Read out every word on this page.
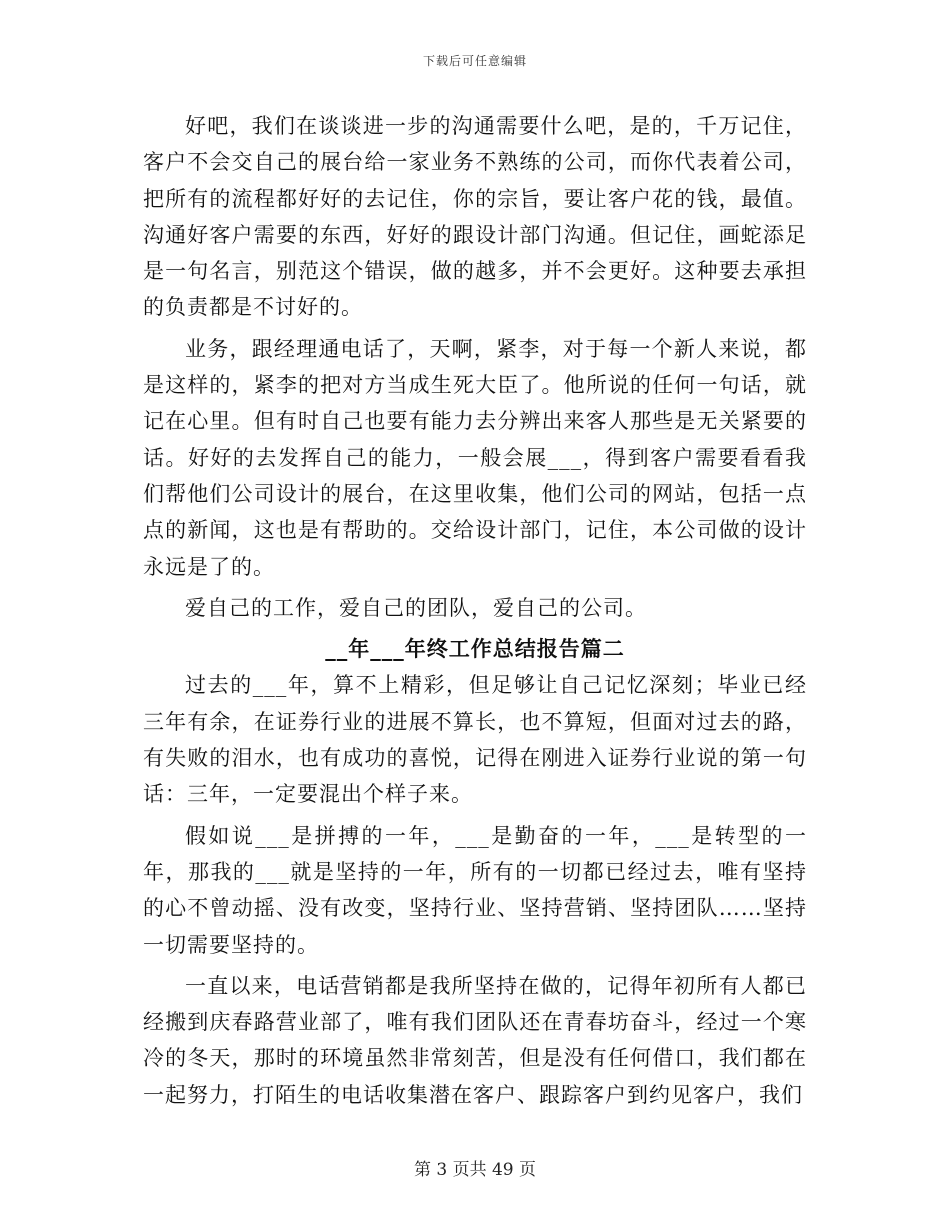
下载后可任意编辑

好吧，我们在谈谈进一步的沟通需要什么吧，是的，千万记住，客户不会交自己的展台给一家业务不熟练的公司，而你代表着公司，把所有的流程都好好的去记住，你的宗旨，要让客户花的钱，最值。沟通好客户需要的东西，好好的跟设计部门沟通。但记住，画蛇添足是一句名言，别范这个错误，做的越多，并不会更好。这种要去承担的负责都是不讨好的。

业务，跟经理通电话了，天啊，紧李，对于每一个新人来说，都是这样的，紧李的把对方当成生死大臣了。他所说的任何一句话，就记在心里。但有时自己也要有能力去分辨出来客人那些是无关紧要的话。好好的去发挥自己的能力，一般会展___，得到客户需要看看我们帮他们公司设计的展台，在这里收集，他们公司的网站，包括一点点的新闻，这也是有帮助的。交给设计部门，记住，本公司做的设计永远是了的。

爱自己的工作，爱自己的团队，爱自己的公司。

__年___年终工作总结报告篇二

过去的___年，算不上精彩，但足够让自己记忆深刻；毕业已经三年有余，在证券行业的进展不算长，也不算短，但面对过去的路，有失败的泪水，也有成功的喜悦，记得在刚进入证券行业说的第一句话：三年，一定要混出个样子来。

假如说___是拼搏的一年，___是勤奋的一年，___是转型的一年，那我的___就是坚持的一年，所有的一切都已经过去，唯有坚持的心不曾动摇、没有改变，坚持行业、坚持营销、坚持团队……坚持一切需要坚持的。

一直以来，电话营销都是我所坚持在做的，记得年初所有人都已经搬到庆春路营业部了，唯有我们团队还在青春坊奋斗，经过一个寒冷的冬天，那时的环境虽然非常刻苦，但是没有任何借口，我们都在一起努力，打陌生的电话收集潜在客户、跟踪客户到约见客户，我们

第 3 页共 49 页
